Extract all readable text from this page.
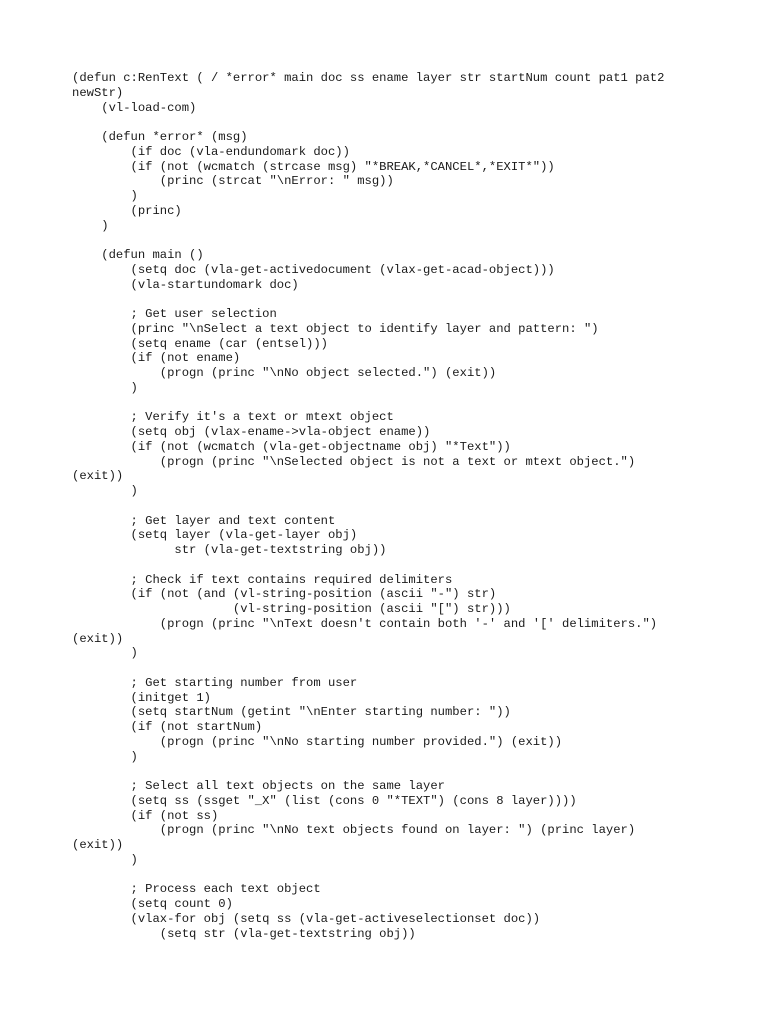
(defun c:RenText ( / *error* main doc ss ename layer str startNum count pat1 pat2
newStr)
(vl-load-com)
(defun *error* (msg)
(if doc (vla-endundomark doc))
(if (not (wcmatch (strcase msg) "*BREAK,*CANCEL*,*EXIT*"))
(princ (strcat "\nError: " msg))
)
(princ)
)
(defun main ()
(setq doc (vla-get-activedocument (vlax-get-acad-object)))
(vla-startundomark doc)
; Get user selection
(princ "\nSelect a text object to identify layer and pattern: ")
(setq ename (car (entsel)))
(if (not ename)
(progn (princ "\nNo object selected.") (exit))
)
; Verify it's a text or mtext object
(setq obj (vlax-ename->vla-object ename))
(if (not (wcmatch (vla-get-objectname obj) "*Text"))
(progn (princ "\nSelected object is not a text or mtext object.")
(exit))
)
; Get layer and text content
(setq layer (vla-get-layer obj)
str (vla-get-textstring obj))
; Check if text contains required delimiters
(if (not (and (vl-string-position (ascii "-") str)
(vl-string-position (ascii "[") str)))
(progn (princ "\nText doesn't contain both '-' and '[' delimiters.")
(exit))
)
; Get starting number from user
(initget 1)
(setq startNum (getint "\nEnter starting number: "))
(if (not startNum)
(progn (princ "\nNo starting number provided.") (exit))
)
; Select all text objects on the same layer
(setq ss (ssget "_X" (list (cons 0 "*TEXT") (cons 8 layer))))
(if (not ss)
(progn (princ "\nNo text objects found on layer: ") (princ layer)
(exit))
)
; Process each text object
(setq count 0)
(vlax-for obj (setq ss (vla-get-activeselectionset doc))
(setq str (vla-get-textstring obj))
